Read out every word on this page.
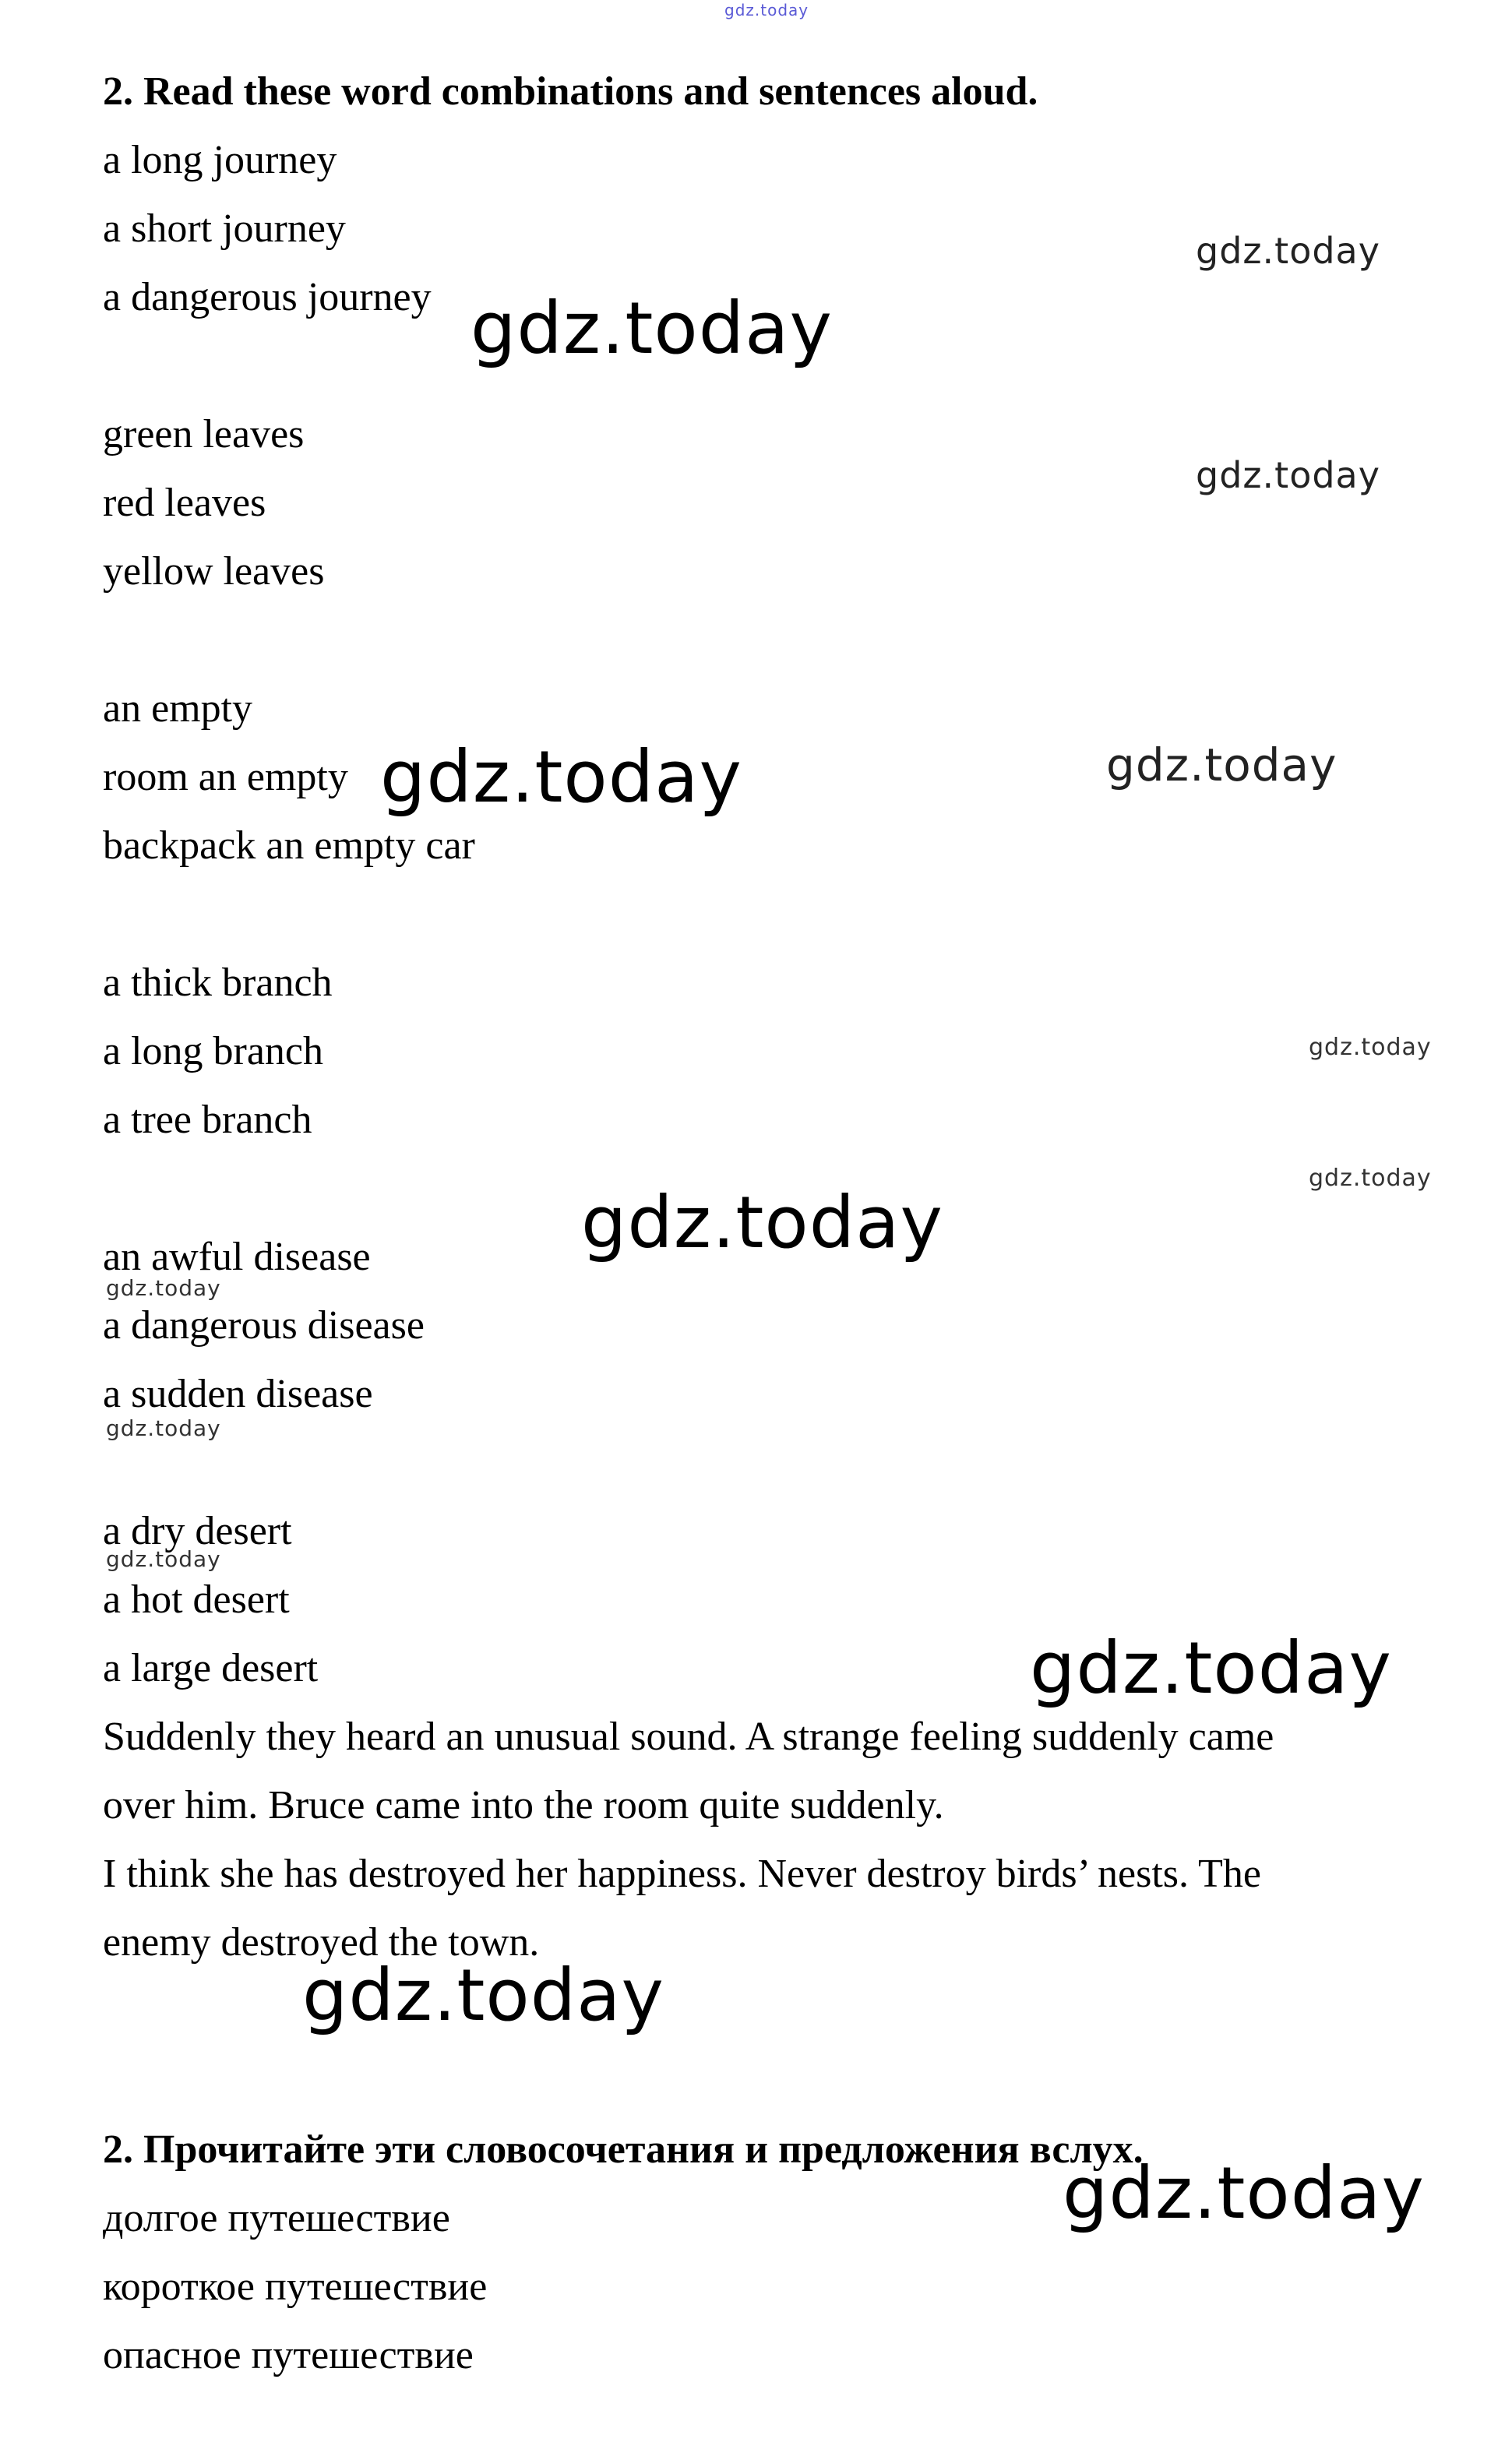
2. Read these word combinations and sentences aloud.
a long journey
a short journey
a dangerous journey
green leaves
red leaves
yellow leaves
an empty
room an empty
backpack an empty car
a thick branch
a long branch
a tree branch
an awful disease
a dangerous disease
a sudden disease
a dry desert
a hot desert
a large desert
Suddenly they heard an unusual sound. A strange feeling suddenly came
over him. Bruce came into the room quite suddenly.
I think she has destroyed her happiness. Never destroy birds’ nests. The
enemy destroyed the town.
2. Прочитайте эти словосочетания и предложения вслух.
долгое путешествие
короткое путешествие
опасное путешествие
gdz.today
gdz.today
gdz.today
gdz.today
gdz.today	gdz.today
gdz.today
gdz.today
gdz.today
gdz.today
gdz.today
gdz.today
gdz.today
gdz.today
gdz.today
